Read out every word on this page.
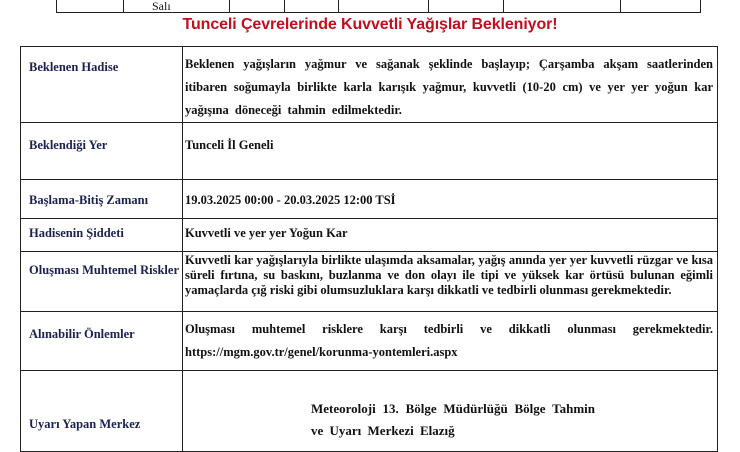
Salı
Tunceli Çevrelerinde Kuvvetli Yağışlar Bekleniyor!
Beklenen Hadise	Beklenen yağışların yağmur ve sağanak şeklinde başlayıp; Çarşamba akşam saatlerinden itibaren soğumayla birlikte karla karışık yağmur, kuvvetli (10-20 cm) ve yer yer yoğun kar yağışına döneceği tahmin edilmektedir.

Beklendiği Yer	Tunceli İl Geneli

Başlama-Bitiş Zamanı	19.03.2025 00:00 - 20.03.2025 12:00 TSİ

Hadisenin Şiddeti	Kuvvetli ve yer yer Yoğun Kar

Oluşması Muhtemel Riskler	Kuvvetli kar yağışlarıyla birlikte ulaşımda aksamalar, yağış anında yer yer kuvvetli rüzgar ve kısa süreli fırtına, su baskını, buzlanma ve don olayı ile tipi ve yüksek kar örtüsü bulunan eğimli yamaçlarda çığ riski gibi olumsuzluklara karşı dikkatli ve tedbirli olunması gerekmektedir.

Alınabilir Önlemler	Oluşması muhtemel risklere karşı tedbirli ve dikkatli olunması gerekmektedir.
https://mgm.gov.tr/genel/korunma-yontemleri.aspx

Uyarı Yapan Merkez	Meteoroloji 13. Bölge Müdürlüğü Bölge Tahmin ve Uyarı Merkezi Elazığ
